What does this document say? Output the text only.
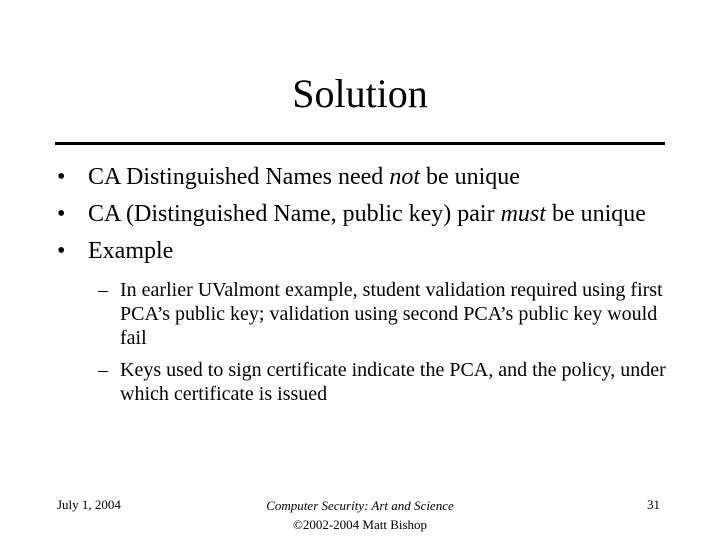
Solution
• CA Distinguished Names need not be unique
• CA (Distinguished Name, public key) pair must be unique
• Example
– In earlier UValmont example, student validation required using first PCA’s public key; validation using second PCA’s public key would fail
– Keys used to sign certificate indicate the PCA, and the policy, under which certificate is issued
July 1, 2004	Computer Security: Art and Science
©2002-2004 Matt Bishop
31
